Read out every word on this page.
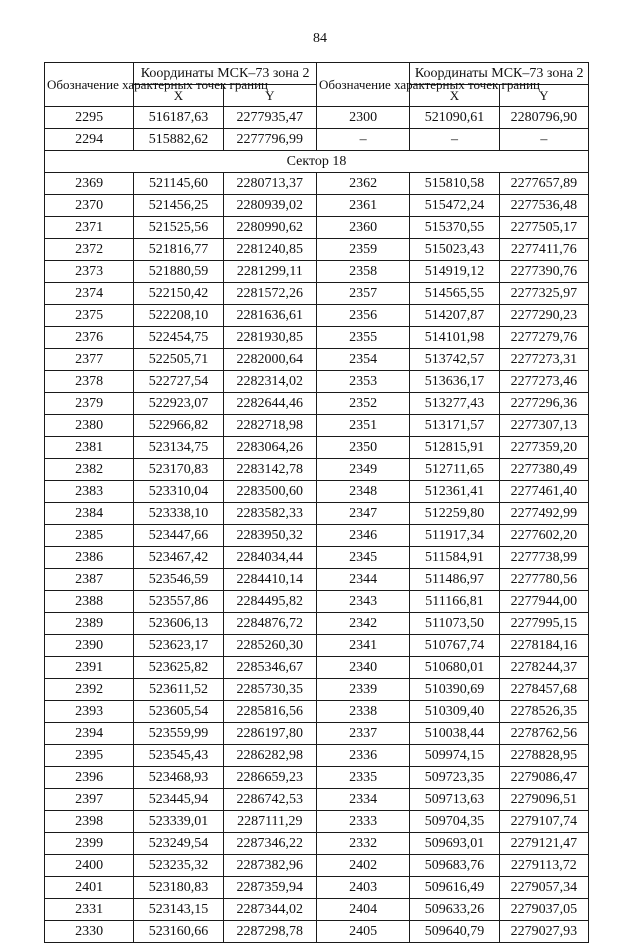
84
Обозначение характерных точек границ	Координаты МСК–73 зона 2		Обозначение характерных точек границ	Координаты МСК–73 зона 2	
	X	Y		X	Y
2295	516187,63	2277935,47	2300	521090,61	2280796,90
2294	515882,62	2277796,99	–	–	–
Сектор 18					
2369	521145,60	2280713,37	2362	515810,58	2277657,89
2370	521456,25	2280939,02	2361	515472,24	2277536,48
2371	521525,56	2280990,62	2360	515370,55	2277505,17
2372	521816,77	2281240,85	2359	515023,43	2277411,76
2373	521880,59	2281299,11	2358	514919,12	2277390,76
2374	522150,42	2281572,26	2357	514565,55	2277325,97
2375	522208,10	2281636,61	2356	514207,87	2277290,23
2376	522454,75	2281930,85	2355	514101,98	2277279,76
2377	522505,71	2282000,64	2354	513742,57	2277273,31
2378	522727,54	2282314,02	2353	513636,17	2277273,46
2379	522923,07	2282644,46	2352	513277,43	2277296,36
2380	522966,82	2282718,98	2351	513171,57	2277307,13
2381	523134,75	2283064,26	2350	512815,91	2277359,20
2382	523170,83	2283142,78	2349	512711,65	2277380,49
2383	523310,04	2283500,60	2348	512361,41	2277461,40
2384	523338,10	2283582,33	2347	512259,80	2277492,99
2385	523447,66	2283950,32	2346	511917,34	2277602,20
2386	523467,42	2284034,44	2345	511584,91	2277738,99
2387	523546,59	2284410,14	2344	511486,97	2277780,56
2388	523557,86	2284495,82	2343	511166,81	2277944,00
2389	523606,13	2284876,72	2342	511073,50	2277995,15
2390	523623,17	2285260,30	2341	510767,74	2278184,16
2391	523625,82	2285346,67	2340	510680,01	2278244,37
2392	523611,52	2285730,35	2339	510390,69	2278457,68
2393	523605,54	2285816,56	2338	510309,40	2278526,35
2394	523559,99	2286197,80	2337	510038,44	2278762,56
2395	523545,43	2286282,98	2336	509974,15	2278828,95
2396	523468,93	2286659,23	2335	509723,35	2279086,47
2397	523445,94	2286742,53	2334	509713,63	2279096,51
2398	523339,01	2287111,29	2333	509704,35	2279107,74
2399	523249,54	2287346,22	2332	509693,01	2279121,47
2400	523235,32	2287382,96	2402	509683,76	2279113,72
2401	523180,83	2287359,94	2403	509616,49	2279057,34
2331	523143,15	2287344,02	2404	509633,26	2279037,05
2330	523160,66	2287298,78	2405	509640,79	2279027,93
